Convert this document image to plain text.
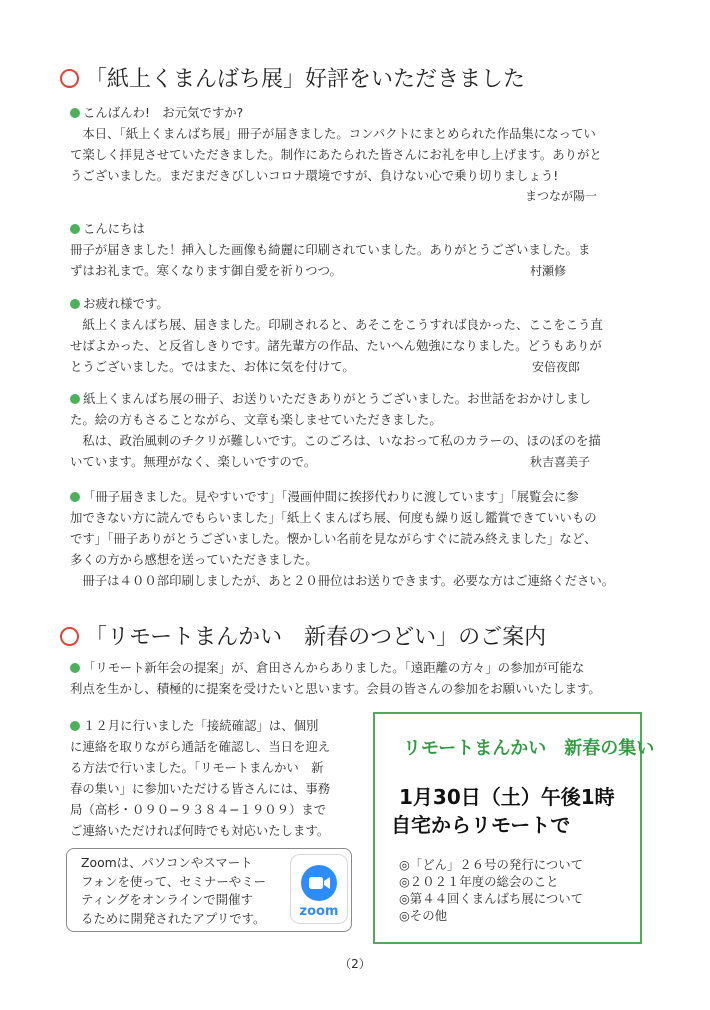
「紙上くまんばち展」好評をいただきました
こんばんわ!　お元気ですか?
　本日、「紙上くまんばち展」冊子が届きました。コンパクトにまとめられた作品集になってい
て楽しく拝見させていただきました。制作にあたられた皆さんにお礼を申し上げます。ありがと
うございました。まだまだきびしいコロナ環境ですが、負けない心で乗り切りましょう!
まつなが陽一
こんにちは
冊子が届きました！挿入した画像も綺麗に印刷されていました。ありがとうございました。ま
ずはお礼まで。寒くなります御自愛を祈りつつ。	村瀬修
お疲れ様です。
　紙上くまんばち展、届きました。印刷されると、あそこをこうすれば良かった、ここをこう直
せばよかった、と反省しきりです。諸先輩方の作品、たいへん勉強になりました。どうもありが
とうございました。ではまた、お体に気を付けて。	安倍夜郎
紙上くまんばち展の冊子、お送りいただきありがとうございました。お世話をおかけしまし
た。絵の方もさることながら、文章も楽しませていただきました。
　私は、政治風刺のチクリが難しいです。このごろは、いなおって私のカラーの、ほのぼのを描
いています。無理がなく、楽しいですので。	秋吉喜美子
「冊子届きました。見やすいです」「漫画仲間に挨拶代わりに渡しています」「展覧会に参
加できない方に読んでもらいました」「紙上くまんばち展、何度も繰り返し鑑賞できていいもの
です」「冊子ありがとうございました。懐かしい名前を見ながらすぐに読み終えました」など、
多くの方から感想を送っていただきました。
　冊子は４００部印刷しましたが、あと２０冊位はお送りできます。必要な方はご連絡ください。
「リモートまんかい　新春のつどい」のご案内
「リモート新年会の提案」が、倉田さんからありました。「遠距離の方々」の参加が可能な
利点を生かし、積極的に提案を受けたいと思います。会員の皆さんの参加をお願いいたします。
１２月に行いました「接続確認」は、個別
に連絡を取りながら通話を確認し、当日を迎え
る方法で行いました。「リモートまんかい　新
春の集い」に参加いただける皆さんには、事務
局（高杉・０９０−９３８４−１９０９）まで
ご連絡いただければ何時でも対応いたします。
リモートまんかい　新春の集い
1月30日（土）午後1時
自宅からリモートで
◎「どん」２６号の発行について
◎２０２１年度の総会のこと
◎第４４回くまんばち展について
◎その他
Zoomは、パソコンやスマート
フォンを使って、セミナーやミー
ティングをオンラインで開催す
るために開発されたアプリです。	zoom
（2）
